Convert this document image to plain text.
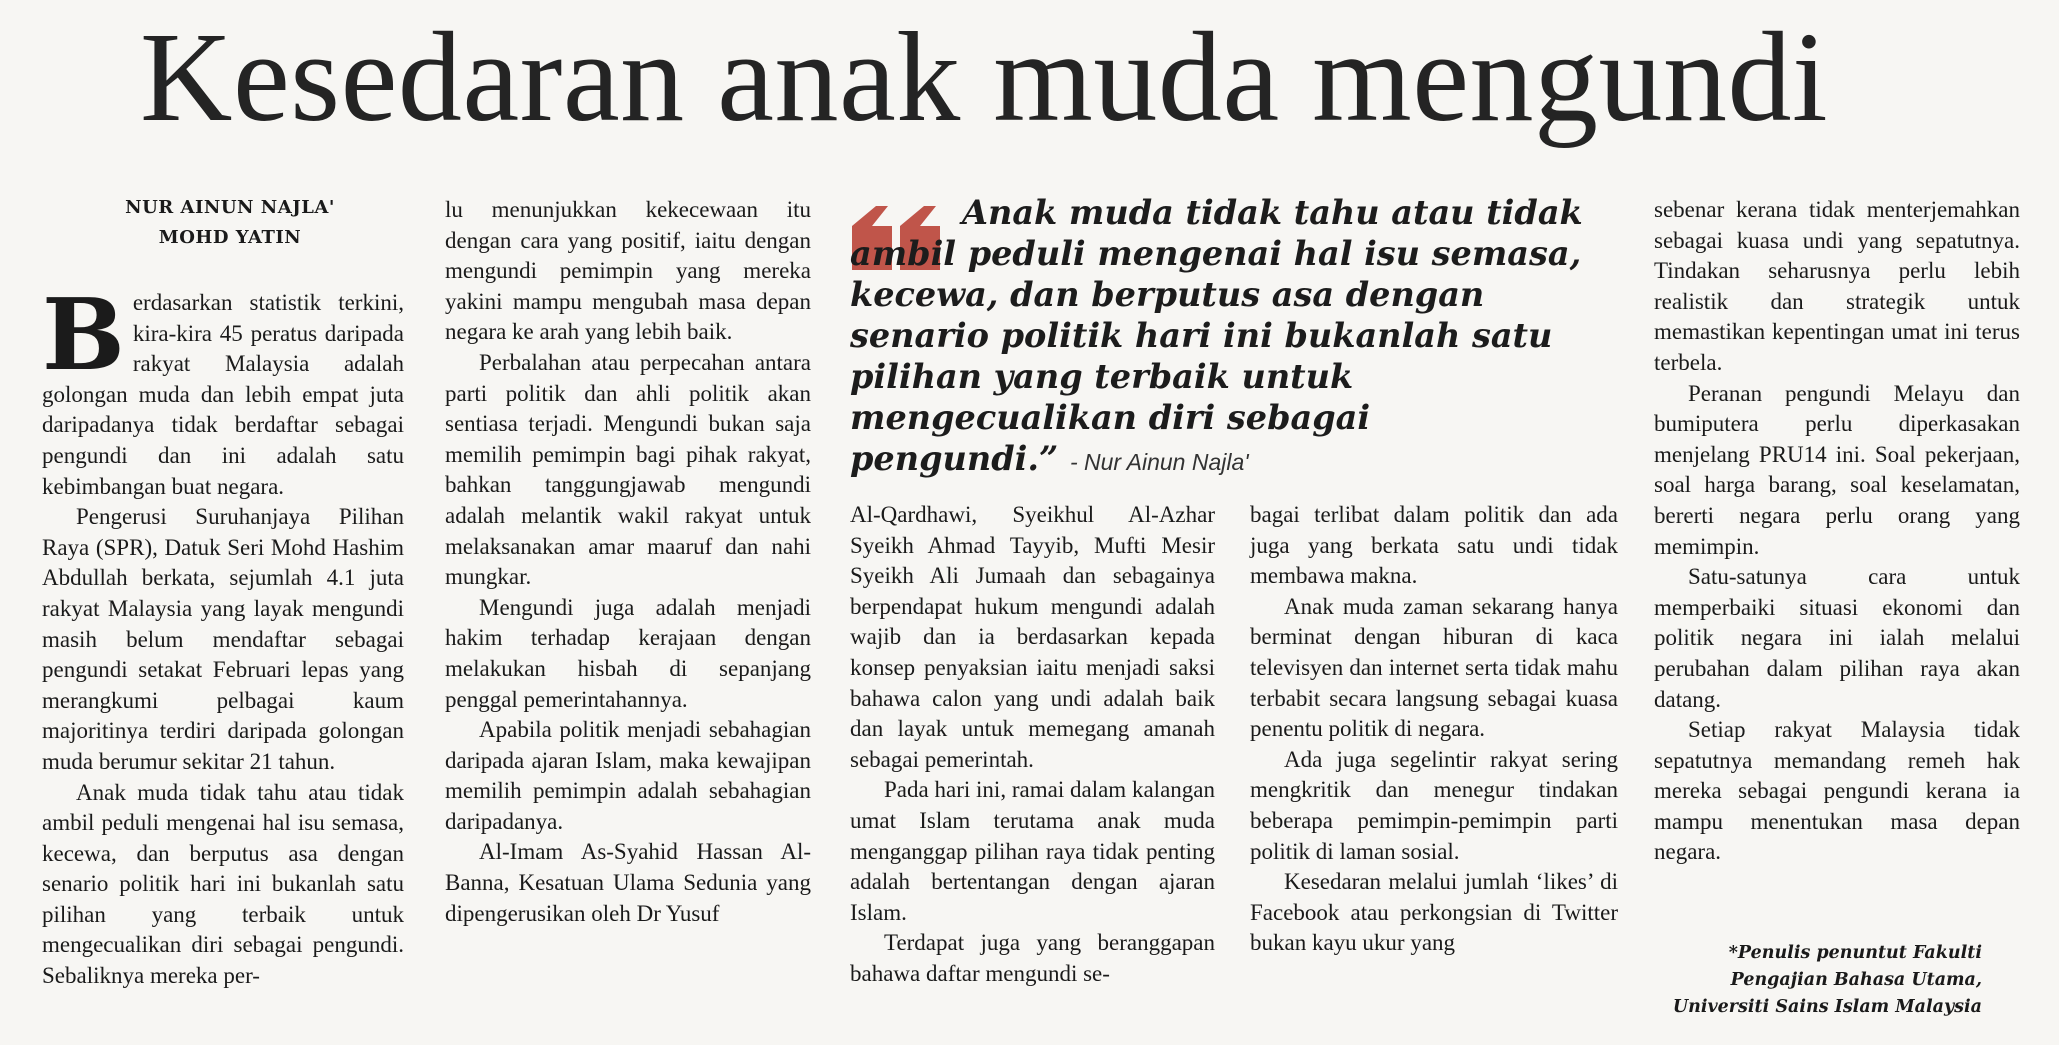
Kesedaran anak muda mengundi
NUR AINUN NAJLA'
MOHD YATIN

Berdasarkan statistik terkini, kira-kira 45 peratus daripada rakyat Malaysia adalah golongan muda dan lebih empat juta daripadanya tidak berdaftar sebagai pengundi dan ini adalah satu kebimbangan buat negara.

Pengerusi Suruhanjaya Pilihan Raya (SPR), Datuk Seri Mohd Hashim Abdullah berkata, sejumlah 4.1 juta rakyat Malaysia yang layak mengundi masih belum mendaftar sebagai pengundi setakat Februari lepas yang merangkumi pelbagai kaum majoritinya terdiri daripada golongan muda berumur sekitar 21 tahun.

Anak muda tidak tahu atau tidak ambil peduli mengenai hal isu semasa, kecewa, dan berputus asa dengan senario politik hari ini bukanlah satu pilihan yang terbaik untuk mengecualikan diri sebagai pengundi. Sebaliknya mereka per-

lu menunjukkan kekecewaan itu dengan cara yang positif, iaitu dengan mengundi pemimpin yang mereka yakini mampu mengubah masa depan negara ke arah yang lebih baik.

Perbalahan atau perpecahan antara parti politik dan ahli politik akan sentiasa terjadi. Mengundi bukan saja memilih pemimpin bagi pihak rakyat, bahkan tanggungjawab mengundi adalah melantik wakil rakyat untuk melaksanakan amar maaruf dan nahi mungkar.

Mengundi juga adalah menjadi hakim terhadap kerajaan dengan melakukan hisbah di sepanjang penggal pemerintahannya.

Apabila politik menjadi sebahagian daripada ajaran Islam, maka kewajipan memilih pemimpin adalah sebahagian daripadanya.

Al-Imam As-Syahid Hassan Al-Banna, Kesatuan Ulama Sedunia yang dipengerusikan oleh Dr Yusuf

Anak muda tidak tahu atau tidak ambil peduli mengenai hal isu semasa, kecewa, dan berputus asa dengan senario politik hari ini bukanlah satu pilihan yang terbaik untuk mengecualikan diri sebagai pengundi.” - Nur Ainun Najla'

Al-Qardhawi, Syeikhul Al-Azhar Syeikh Ahmad Tayyib, Mufti Mesir Syeikh Ali Jumaah dan sebagainya berpendapat hukum mengundi adalah wajib dan ia berdasarkan kepada konsep penyaksian iaitu menjadi saksi bahawa calon yang undi adalah baik dan layak untuk memegang amanah sebagai pemerintah.

Pada hari ini, ramai dalam kalangan umat Islam terutama anak muda menganggap pilihan raya tidak penting adalah bertentangan dengan ajaran Islam.

Terdapat juga yang beranggapan bahawa daftar mengundi se-

bagai terlibat dalam politik dan ada juga yang berkata satu undi tidak membawa makna.

Anak muda zaman sekarang hanya berminat dengan hiburan di kaca televisyen dan internet serta tidak mahu terbabit secara langsung sebagai kuasa penentu politik di negara.

Ada juga segelintir rakyat sering mengkritik dan menegur tindakan beberapa pemimpin-pemimpin parti politik di laman sosial.

Kesedaran melalui jumlah ‘likes’ di Facebook atau perkongsian di Twitter bukan kayu ukur yang

sebenar kerana tidak menterjemahkan sebagai kuasa undi yang sepatutnya. Tindakan seharusnya perlu lebih realistik dan strategik untuk memastikan kepentingan umat ini terus terbela.

Peranan pengundi Melayu dan bumiputera perlu diperkasakan menjelang PRU14 ini. Soal pekerjaan, soal harga barang, soal keselamatan, bererti negara perlu orang yang memimpin.

Satu-satunya cara untuk memperbaiki situasi ekonomi dan politik negara ini ialah melalui perubahan dalam pilihan raya akan datang.

Setiap rakyat Malaysia tidak sepatutnya memandang remeh hak mereka sebagai pengundi kerana ia mampu menentukan masa depan negara.

*Penulis penuntut Fakulti
Pengajian Bahasa Utama,
Universiti Sains Islam Malaysia
